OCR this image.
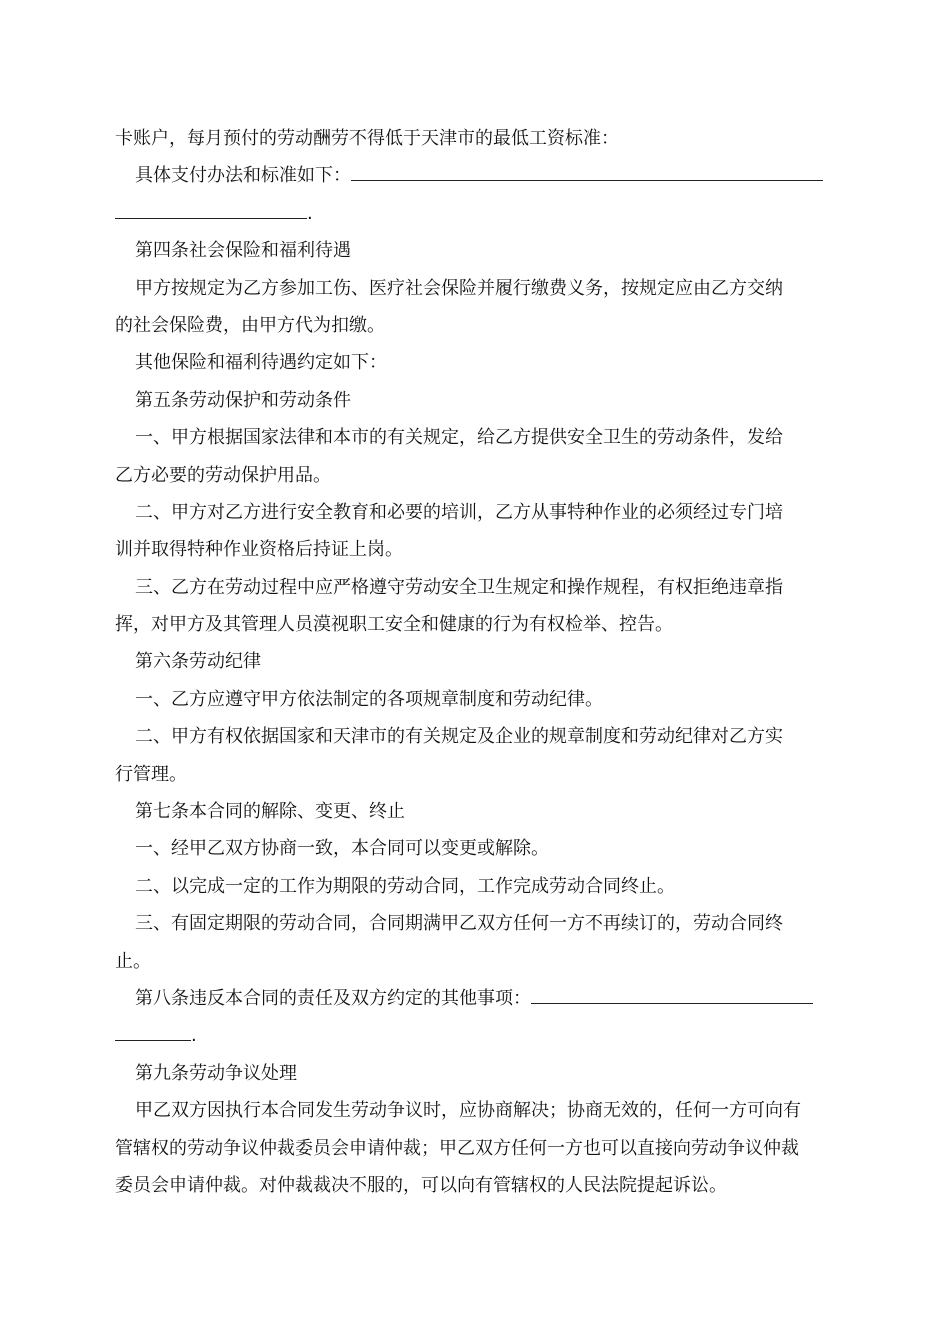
卡账户，每月预付的劳动酬劳不得低于天津市的最低工资标准：
具体支付办法和标准如下：
.
第四条社会保险和福利待遇
甲方按规定为乙方参加工伤、医疗社会保险并履行缴费义务，按规定应由乙方交纳
的社会保险费，由甲方代为扣缴。
其他保险和福利待遇约定如下：
第五条劳动保护和劳动条件
一、甲方根据国家法律和本市的有关规定，给乙方提供安全卫生的劳动条件，发给
乙方必要的劳动保护用品。
二、甲方对乙方进行安全教育和必要的培训，乙方从事特种作业的必须经过专门培
训并取得特种作业资格后持证上岗。
三、乙方在劳动过程中应严格遵守劳动安全卫生规定和操作规程，有权拒绝违章指
挥，对甲方及其管理人员漠视职工安全和健康的行为有权检举、控告。
第六条劳动纪律
一、乙方应遵守甲方依法制定的各项规章制度和劳动纪律。
二、甲方有权依据国家和天津市的有关规定及企业的规章制度和劳动纪律对乙方实
行管理。
第七条本合同的解除、变更、终止
一、经甲乙双方协商一致，本合同可以变更或解除。
二、以完成一定的工作为期限的劳动合同，工作完成劳动合同终止。
三、有固定期限的劳动合同，合同期满甲乙双方任何一方不再续订的，劳动合同终
止。
第八条违反本合同的责任及双方约定的其他事项：
.
第九条劳动争议处理
甲乙双方因执行本合同发生劳动争议时，应协商解决；协商无效的，任何一方可向有
管辖权的劳动争议仲裁委员会申请仲裁；甲乙双方任何一方也可以直接向劳动争议仲裁
委员会申请仲裁。对仲裁裁决不服的，可以向有管辖权的人民法院提起诉讼。
